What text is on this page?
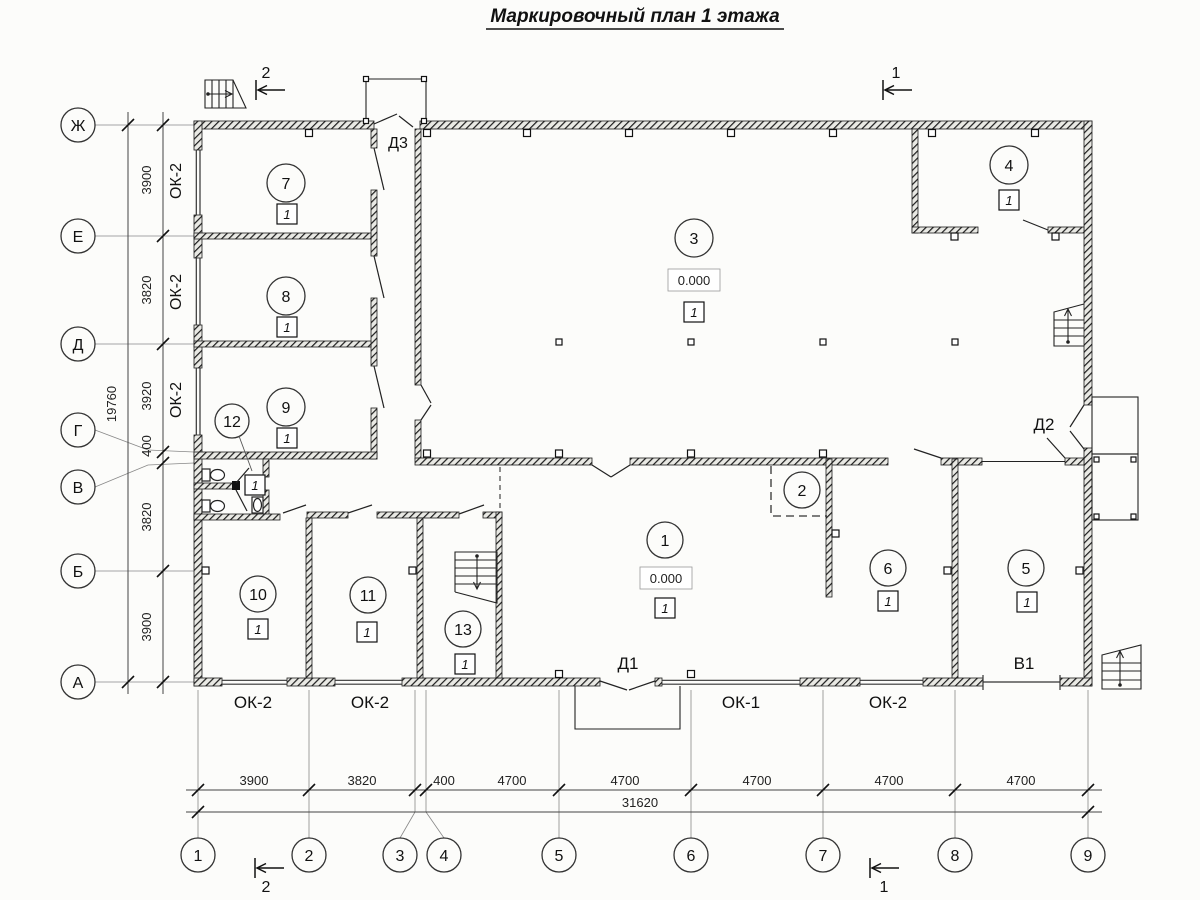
Маркировочный план 1 этажа
3900
3820
3920
400
3820
3900
19760
3900	3820	400	4700	4700	4700	4700	4700
31620
Ж
Е
Д
Г
В
Б
А
1	2	3 4	5	6	7	8	9
1
0.000
1
2
3
0.000
1
4
1
5
1
6
1
7
1
8
1
9
1
10
1
11
1
12
1
13
1
ОК-2
ОК-2
ОК-2
ОК-2	ОК-2	ОК-1	ОК-2
Д3
Д1
Д2
В1
2	1
2	1
